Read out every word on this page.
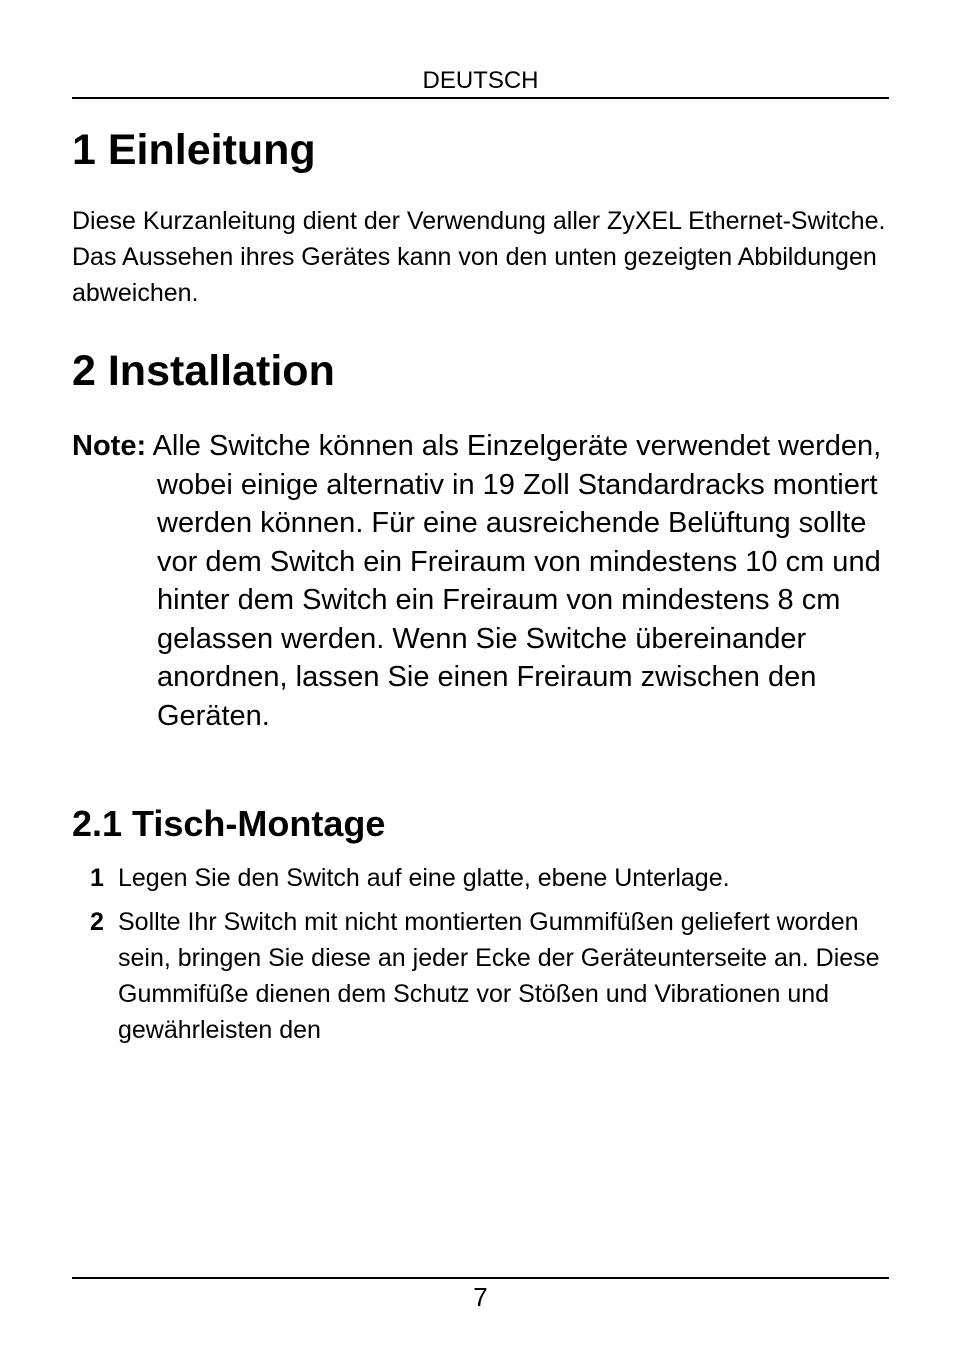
DEUTSCH
1 Einleitung

Diese Kurzanleitung dient der Verwendung aller ZyXEL Ethernet-Switche. Das Aussehen ihres Gerätes kann von den unten gezeigten Abbildungen abweichen.

2 Installation

Note: Alle Switche können als Einzelgeräte verwendet werden, wobei einige alternativ in 19 Zoll Standardracks montiert werden können. Für eine ausreichende Belüftung sollte vor dem Switch ein Freiraum von mindestens 10 cm und hinter dem Switch ein Freiraum von mindestens 8 cm gelassen werden. Wenn Sie Switche übereinander anordnen, lassen Sie einen Freiraum zwischen den Geräten.

2.1 Tisch-Montage
1 Legen Sie den Switch auf eine glatte, ebene Unterlage.
2 Sollte Ihr Switch mit nicht montierten Gummifüßen geliefert worden sein, bringen Sie diese an jeder Ecke der Geräteunterseite an. Diese Gummifüße dienen dem Schutz vor Stößen und Vibrationen und gewährleisten den
7
